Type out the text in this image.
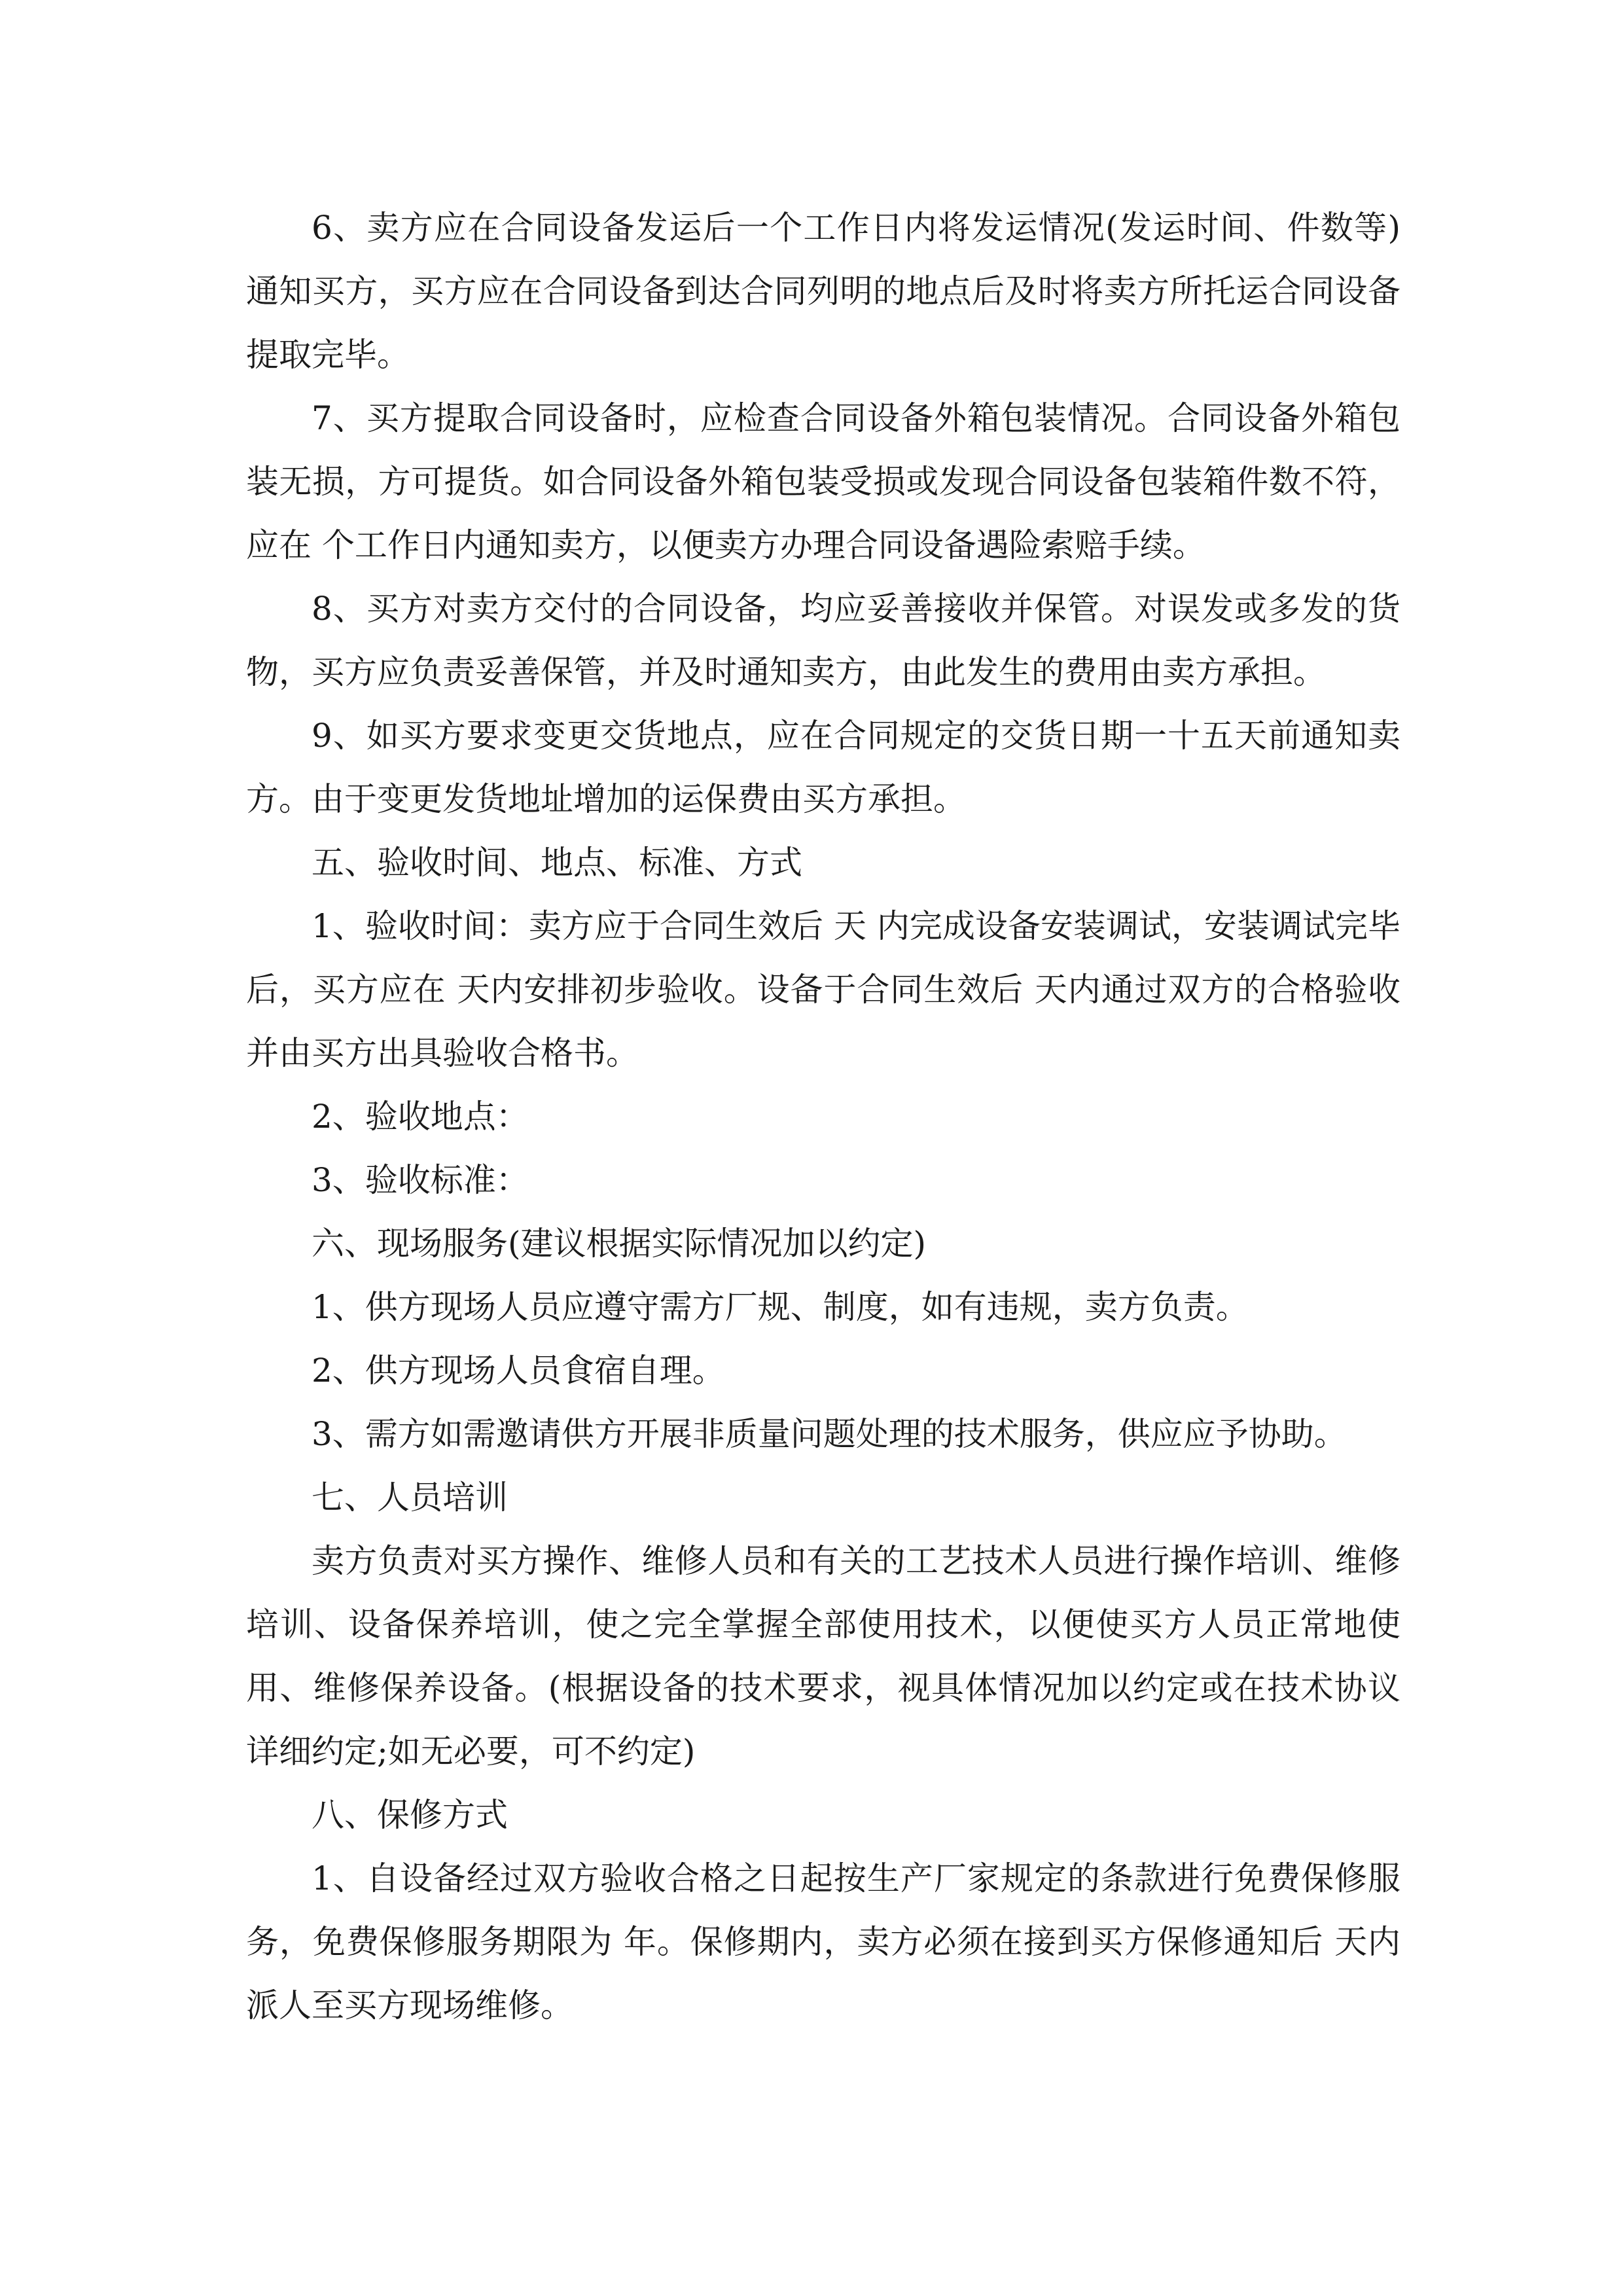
6、卖方应在合同设备发运后一个工作日内将发运情况(发运时间、件数等)通知买方，买方应在合同设备到达合同列明的地点后及时将卖方所托运合同设备提取完毕。

7、买方提取合同设备时，应检查合同设备外箱包装情况。合同设备外箱包装无损，方可提货。如合同设备外箱包装受损或发现合同设备包装箱件数不符，应在 个工作日内通知卖方，以便卖方办理合同设备遇险索赔手续。

8、买方对卖方交付的合同设备，均应妥善接收并保管。对误发或多发的货物，买方应负责妥善保管，并及时通知卖方，由此发生的费用由卖方承担。

9、如买方要求变更交货地点，应在合同规定的交货日期一十五天前通知卖方。由于变更发货地址增加的运保费由买方承担。

五、验收时间、地点、标准、方式

1、验收时间：卖方应于合同生效后 天 内完成设备安装调试，安装调试完毕后，买方应在 天内安排初步验收。设备于合同生效后 天内通过双方的合格验收并由买方出具验收合格书。

2、验收地点：

3、验收标准：

六、现场服务(建议根据实际情况加以约定)

1、供方现场人员应遵守需方厂规、制度，如有违规，卖方负责。

2、供方现场人员食宿自理。

3、需方如需邀请供方开展非质量问题处理的技术服务，供应应予协助。

七、人员培训

卖方负责对买方操作、维修人员和有关的工艺技术人员进行操作培训、维修培训、设备保养培训，使之完全掌握全部使用技术，以便使买方人员正常地使用、维修保养设备。(根据设备的技术要求，视具体情况加以约定或在技术协议详细约定;如无必要，可不约定)

八、保修方式

1、自设备经过双方验收合格之日起按生产厂家规定的条款进行免费保修服务，免费保修服务期限为 年。保修期内，卖方必须在接到买方保修通知后 天内派人至买方现场维修。
